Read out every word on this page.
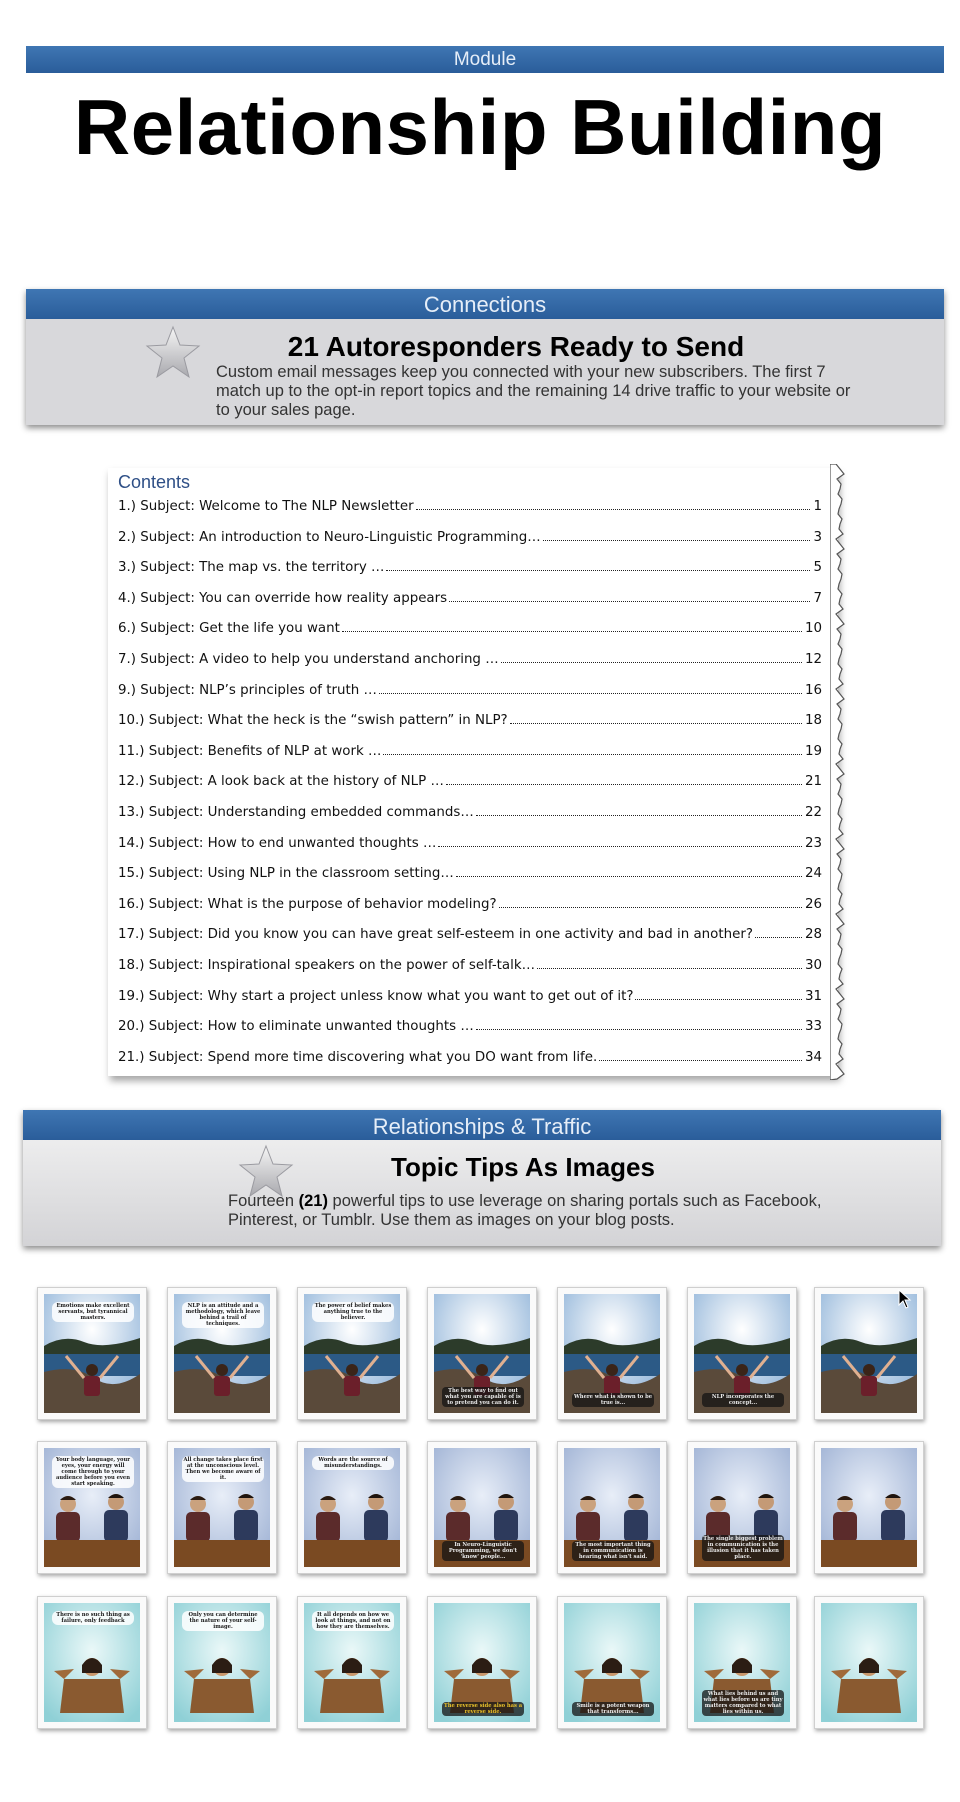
Module
Relationship Building
Connections
21 Autoresponders Ready to Send
Custom email messages keep you connected with your new subscribers. The first 7 match up to the opt-in report topics and the remaining 14 drive traffic to your website or to your sales page.
Contents
1.) Subject: Welcome to The NLP Newsletter	1
2.) Subject: An introduction to Neuro-Linguistic Programming…	3
3.) Subject: The map vs. the territory …	5
4.) Subject: You can override how reality appears	7
6.) Subject: Get the life you want	10
7.) Subject: A video to help you understand anchoring …	12
9.) Subject: NLP’s principles of truth …	16
10.) Subject: What the heck is the “swish pattern” in NLP?	18
11.) Subject: Benefits of NLP at work …	19
12.) Subject: A look back at the history of NLP …	21
13.) Subject: Understanding embedded commands…	22
14.) Subject: How to end unwanted thoughts …	23
15.) Subject: Using NLP in the classroom setting…	24
16.) Subject: What is the purpose of behavior modeling?	26
17.) Subject: Did you know you can have great self-esteem in one activity and bad in another?	28
18.) Subject: Inspirational speakers on the power of self-talk…	30
19.) Subject: Why start a project unless know what you want to get out of it?	31
20.) Subject: How to eliminate unwanted thoughts …	33
21.) Subject: Spend more time discovering what you DO want from life.	34
Relationships & Traffic
Topic Tips As Images
Fourteen (21) powerful tips to use leverage on sharing portals such as Facebook, Pinterest, or Tumblr. Use them as images on your blog posts.
Emotions make excellent servants, but tyrannical masters.
NLP is an attitude and a methodology, which leave behind a trail of techniques.
The power of belief makes anything true to the believer.
The best way to find out what you are capable of is to pretend you can do it.
Where what is shown to be true is...
NLP incorporates the concept...
Your body language, your eyes, your energy will come through to your audience before you even start speaking.
All change takes place first at the unconscious level. Then we become aware of it.
Words are the source of misunderstandings.
In Neuro-Linguistic Programming, we don't 'know' people...
The most important thing in communication is hearing what isn't said.
The single biggest problem in communication is the illusion that it has taken place.
There is no such thing as failure, only feedback
Only you can determine the nature of your self-image.
It all depends on how we look at things, and not on how they are themselves.
The reverse side also has a reverse side.
Smile is a potent weapon that transforms...
What lies behind us and what lies before us are tiny matters compared to what lies within us.
